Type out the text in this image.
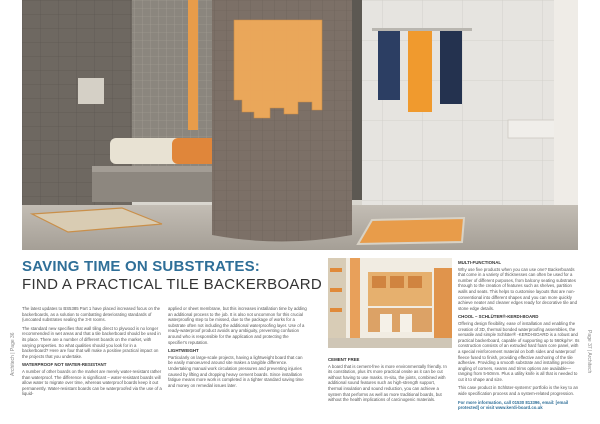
Architech | Page 36	Page 37 | Architech
SAVING TIME ON SUBSTRATES:
FIND A PRACTICAL TILE BACKERBOARD

The latest updates to BS5385 Part 1 have placed increased focus on the backerboards, as a solution to combatting deteriorating standards of (uncoated substrates sealing the 3-8 rooms.

The standard new specifies that wall tiling direct to plywood is no longer recommended in wet areas and that a tile backerboard should be used in its place. There are a number of different boards on the market, with varying properties. So what qualities should you look for in a backerboard? Here are four that will make a positive practical impact on the projects that you undertake.

WATERPROOF NOT WATER-RESISTANT

A number of other boards on the market are merely water-resistant rather than waterproof. The difference is significant – water-resistant boards will allow water to migrate over time, whereas waterproof boards keep it out permanently. Water-resistant boards can be waterproofed via the use of a liquid-

applied or sheet membrane, but this increases installation time by adding an additional process to the job. It is also not uncommon for this crucial waterproofing step to be missed, due to the package of works for a substrate often not including the additional waterproofing layer. Use of a ready-waterproof product avoids any ambiguity, preventing confusion around who is responsible for the application and protecting the specifier's reputation.

LIGHTWEIGHT

Particularly on large-scale projects, having a lightweight board that can be easily manoeuvred around site makes a tangible difference. Undertaking manual work circulation pressures and preventing injuries caused by lifting and dropping heavy cement boards. Since installation fatigue means more work is completed in a tighter standard saving time and money on remedial issues later.

CEMENT FREE

A board that is cement-free is more environmentally friendly. In its constitution, plus it's more practical onsite as it can be cut without having to use masks. In-situ, the joints, combined with additional sound features such as high-strength support, thermal insulation and sound reduction, you can achieve a system that performs as well as more traditional boards, but without the health implications of carcinogenic materials.

MULTI-FUNCTIONAL

Why use five products when you can use one? Backerboards that come in a variety of thicknesses can often be used for a number of different purposes, from balcony seating substrates through to the creation of features such as shelves, partition walls and seats. This helps to customise layouts that are non-conventional into different shapes and you can more quickly achieve neater and cleaner edges ready for decorative tile and stone edge details.

CHOOL – SCHLÜTER®-KERDI-BOARD

Offering design flexibility, ease of installation and enabling the creation of 3D, thermal bonded waterproofing assemblies, the versatile and simple Schlüter® -KERDI-BOARD is a robust and practical backerboard, capable of supporting up to 560kg/m². Its construction consists of an extruded hard foam core panel, with a special reinforcement material on both sides and waterproof fleece fused to finish, providing effective anchoring of the tile adhesive. Providing a smooth substrate and installing precise angling of corners, seams and trims options are available—ranging from 5-50mm. Plus a utility knife is all that is needed to cut it to shape and size.

This case product in Schlüter-systems' portfolio is the key to an wide specification process and a system-related progression.

For more information, call 01530 813396, email: [email protected] or visit www.kerdi-board.co.uk
